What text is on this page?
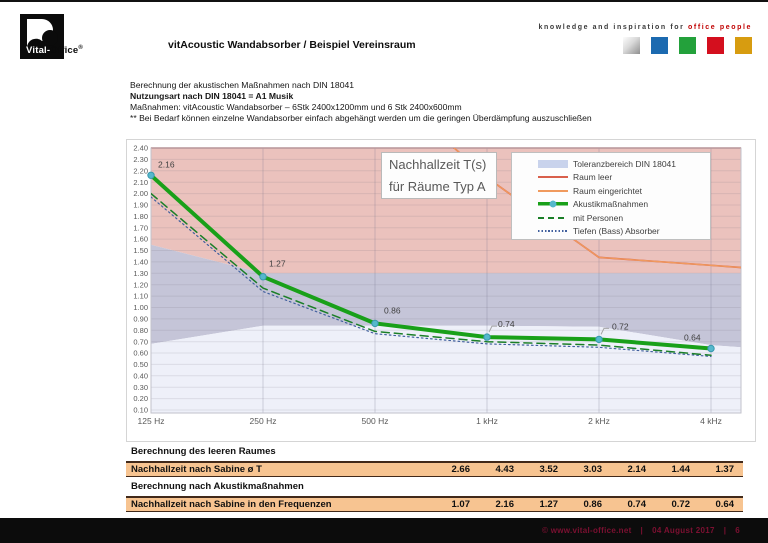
Vital-Office®	vitAcoustic Wandabsorber / Beispiel Vereinsraum
knowledge and inspiration for office people
Berechnung der akustischen Maßnahmen nach DIN 18041
Nutzungsart nach DIN 18041 = A1 Musik
Maßnahmen: vitAcoustic Wandabsorber – 6Stk 2400x1200mm und 6 Stk 2400x600mm
** Bei Bedarf können einzelne Wandabsorber einfach abgehängt werden um die geringen Überdämpfung auszuschließen
2.40
2.30
2.20
2.10
2.00
1.90
1.80
1.70
1.60
1.50
1.40
1.30
1.20
1.10
1.00
0.90
0.80
0.70
0.60
0.50
0.40
0.30
0.20
0.10
125 Hz	250 Hz	500 Hz	1 kHz	2 kHz	4 kHz
2.16
1.27
0.86
0.74	0.72
0.64
Nachhallzeit T(s)
für Räume Typ A
Toleranzbereich DIN 18041
Raum leer
Raum eingerichtet
Akustikmaßnahmen
mit Personen
Tiefen (Bass) Absorber
Berechnung des leeren Raumes
Nachhallzeit nach Sabine ø T	2.66	4.43	3.52	3.03	2.14	1.44	1.37
Berechnung nach Akustikmaßnahmen
Nachhallzeit nach Sabine in den Frequenzen	1.07	2.16	1.27	0.86	0.74	0.72	0.64
© www.vital-office.net | 04 August 2017 | 6
